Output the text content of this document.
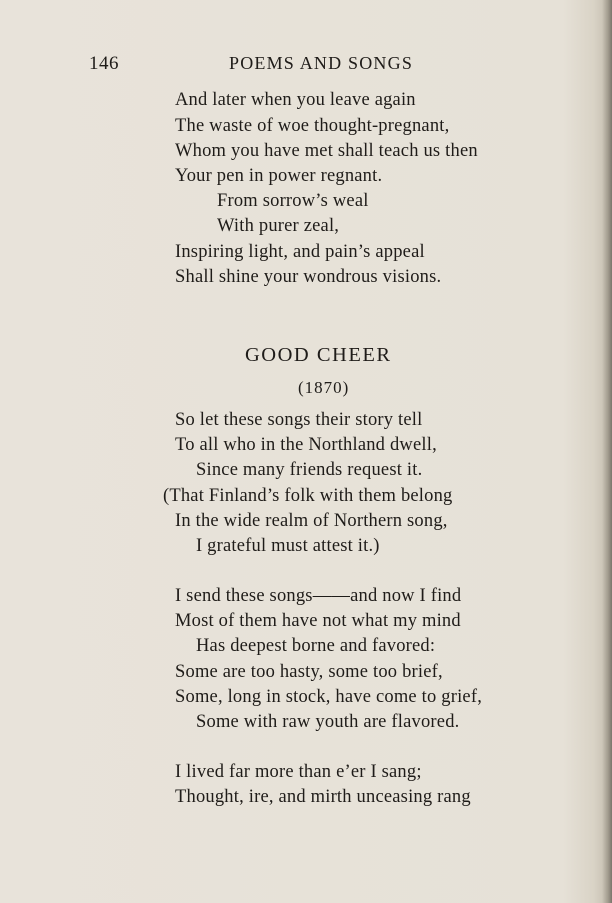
146	POEMS AND SONGS
And later when you leave again
The waste of woe thought-pregnant,
Whom you have met shall teach us then
Your pen in power regnant.
From sorrow’s weal
With purer zeal,
Inspiring light, and pain’s appeal
Shall shine your wondrous visions.
GOOD CHEER
(1870)
So let these songs their story tell
To all who in the Northland dwell,
Since many friends request it.
(That Finland’s folk with them belong
In the wide realm of Northern song,
I grateful must attest it.)
I send these songs——and now I find
Most of them have not what my mind
Has deepest borne and favored:
Some are too hasty, some too brief,
Some, long in stock, have come to grief,
Some with raw youth are flavored.
I lived far more than e’er I sang;
Thought, ire, and mirth unceasing rang
